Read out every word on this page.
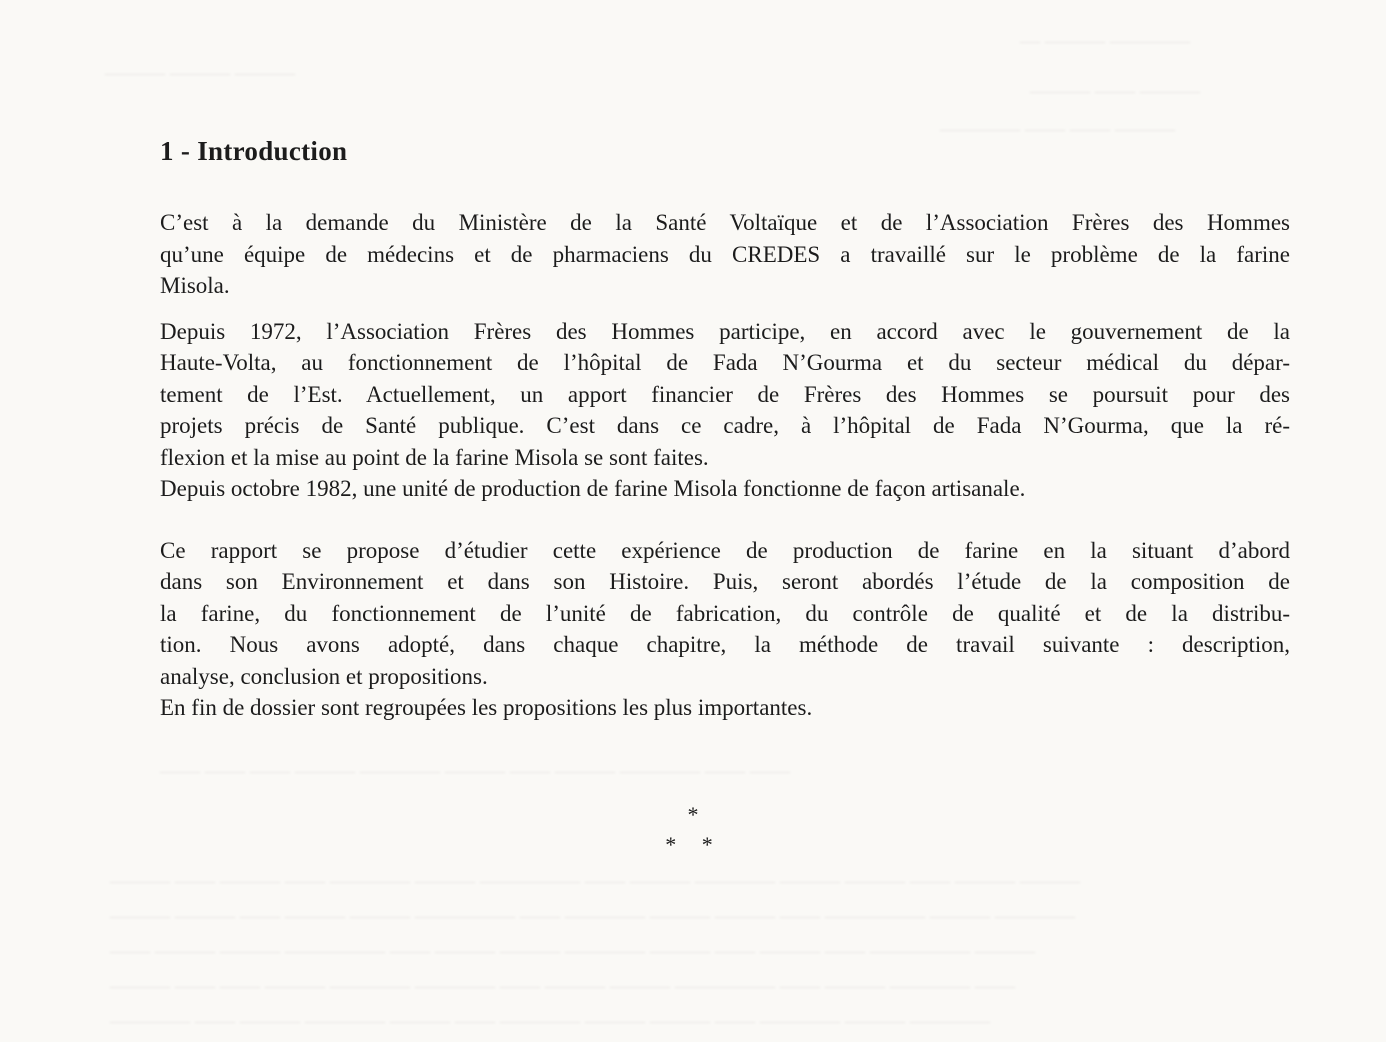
— ——— ————
——— ——— ———
——— —— ———
———— —— —— ———
—— —— —— ——— ———— ——— —— ——— ———— —— ——
——— —— ——— —— ———— ——— ————— —— ——— ———— ——— ——— —— ——— ———
——— ——— —— ——— ——— ————— —— ———— ——— ——— —— ————— ——— ————
—— ——— ——— ————— —— ——— ——— ———— ——— —— ——— —— ————— ———
——— —— —— ——— ———— ———— —— ——— ——— ————— —— ——— ———— ——
———— —— ——— ———— ——— —— ———— ——— ——— —— ———— ——— ————
1 - Introduction

C’est à la demande du Ministère de la Santé Voltaïque et de l’Association Frères des Hommes
qu’une équipe de médecins et de pharmaciens du CREDES a travaillé sur le problème de la farine
Misola.

Depuis 1972, l’Association Frères des Hommes participe, en accord avec le gouvernement de la
Haute-Volta, au fonctionnement de l’hôpital de Fada N’Gourma et du secteur médical du dépar-
tement de l’Est. Actuellement, un apport financier de Frères des Hommes se poursuit pour des
projets précis de Santé publique. C’est dans ce cadre, à l’hôpital de Fada N’Gourma, que la ré-
flexion et la mise au point de la farine Misola se sont faites.

Depuis octobre 1982, une unité de production de farine Misola fonctionne de façon artisanale.

Ce rapport se propose d’étudier cette expérience de production de farine en la situant d’abord
dans son Environnement et dans son Histoire. Puis, seront abordés l’étude de la composition de
la farine, du fonctionnement de l’unité de fabrication, du contrôle de qualité et de la distribu-
tion. Nous avons adopté, dans chaque chapitre, la méthode de travail suivante : description,
analyse, conclusion et propositions.

En fin de dossier sont regroupées les propositions les plus importantes.

*
* *
